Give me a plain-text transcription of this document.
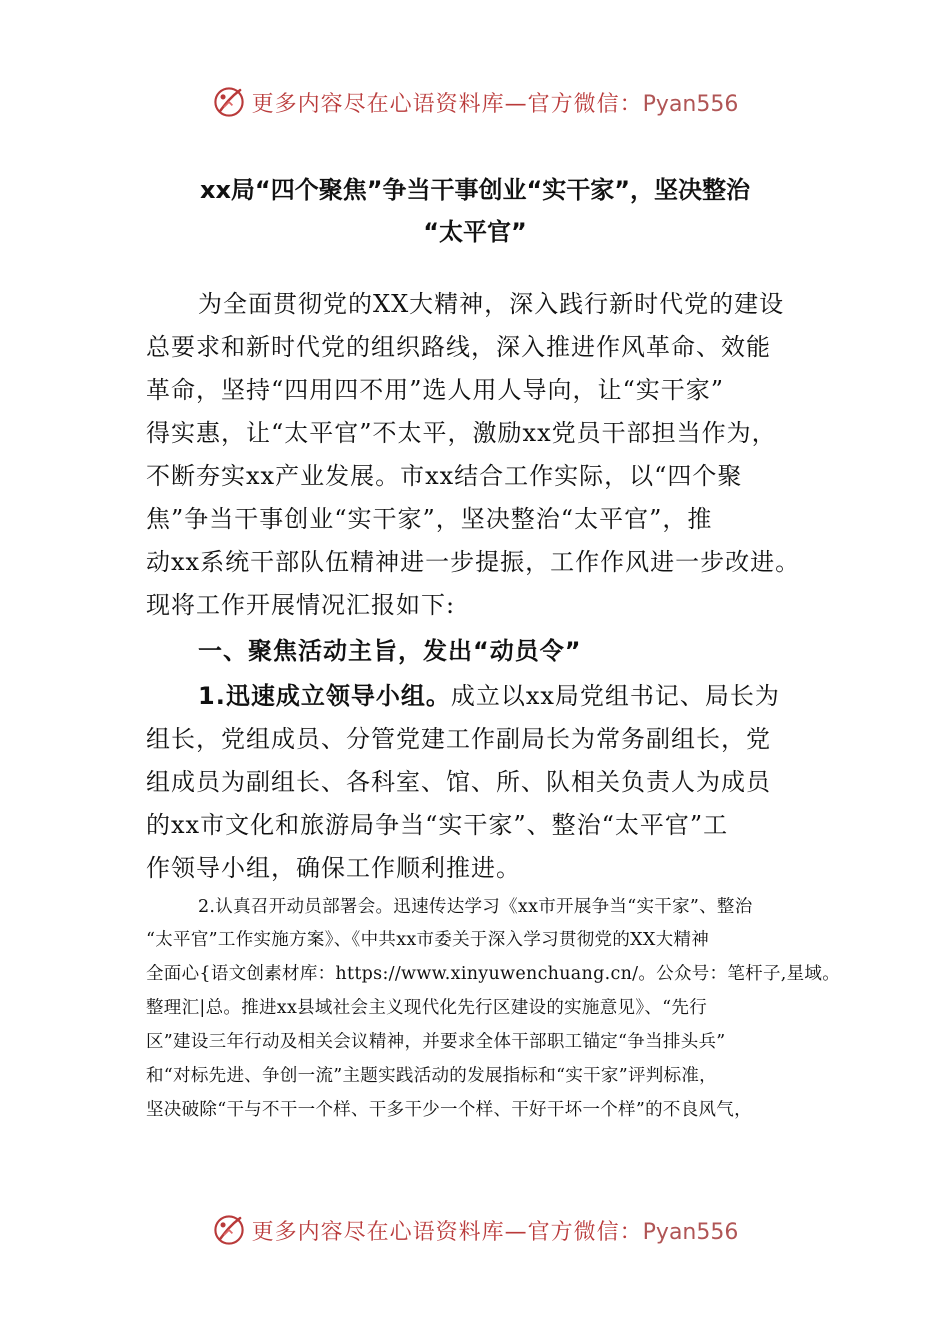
更多内容尽在心语资料库—官方微信：Pyan556
xx局“四个聚焦”争当干事创业“实干家”，坚决整治
“太平官”
为全面贯彻党的XX大精神，深入践行新时代党的建设
总要求和新时代党的组织路线，深入推进作风革命、效能
革命，坚持“四用四不用”选人用人导向，让“实干家”
得实惠，让“太平官”不太平，激励xx党员干部担当作为，
不断夯实xx产业发展。市xx结合工作实际，以“四个聚
焦”争当干事创业“实干家”，坚决整治“太平官”，推
动xx系统干部队伍精神进一步提振，工作作风进一步改进。
现将工作开展情况汇报如下:
一、聚焦活动主旨，发出“动员令”
1.迅速成立领导小组。成立以xx局党组书记、局长为
组长，党组成员、分管党建工作副局长为常务副组长，党
组成员为副组长、各科室、馆、所、队相关负责人为成员
的xx市文化和旅游局争当“实干家”、整治“太平官”工
作领导小组，确保工作顺利推进。
2.认真召开动员部署会。迅速传达学习《xx市开展争当“实干家”、整治
“太平官”工作实施方案》、《中共xx市委关于深入学习贯彻党的XX大精神
全面心{语文创素材库：https://www.xinyuwenchuang.cn/。公众号：笔杆子,星域。
整理汇|总。推进xx县域社会主义现代化先行区建设的实施意见》、“先行
区”建设三年行动及相关会议精神，并要求全体干部职工锚定“争当排头兵”
和“对标先进、争创一流”主题实践活动的发展指标和“实干家”评判标准，
坚决破除“干与不干一个样、干多干少一个样、干好干坏一个样”的不良风气，
更多内容尽在心语资料库—官方微信：Pyan556
